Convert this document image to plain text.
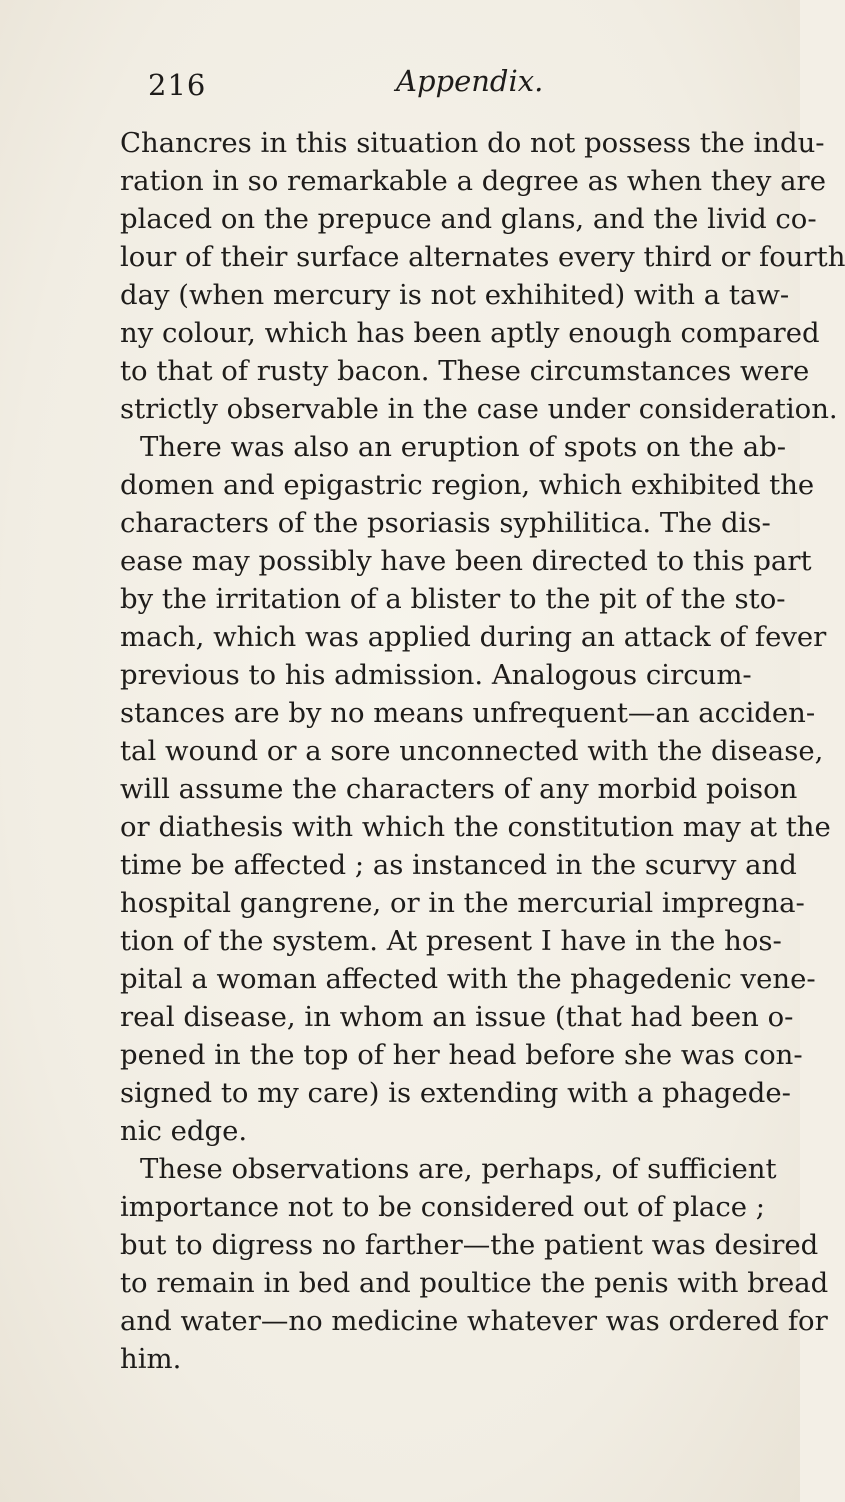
216	Appendix.
Chancres in this situation do not possess the indu-
ration in so remarkable a degree as when they are
placed on the prepuce and glans, and the livid co-
lour of their surface alternates every third or fourth
day (when mercury is not exhihited) with a taw-
ny colour, which has been aptly enough compared
to that of rusty bacon. These circumstances were
strictly observable in the case under consideration.
There was also an eruption of spots on the ab-
domen and epigastric region, which exhibited the
characters of the psoriasis syphilitica. The dis-
ease may possibly have been directed to this part
by the irritation of a blister to the pit of the sto-
mach, which was applied during an attack of fever
previous to his admission. Analogous circum-
stances are by no means unfrequent—an acciden-
tal wound or a sore unconnected with the disease,
will assume the characters of any morbid poison
or diathesis with which the constitution may at the
time be affected ; as instanced in the scurvy and
hospital gangrene, or in the mercurial impregna-
tion of the system. At present I have in the hos-
pital a woman affected with the phagedenic vene-
real disease, in whom an issue (that had been o-
pened in the top of her head before she was con-
signed to my care) is extending with a phagede-
nic edge.
These observations are, perhaps, of sufficient
importance not to be considered out of place ;
but to digress no farther—the patient was desired
to remain in bed and poultice the penis with bread
and water—no medicine whatever was ordered for
him.
